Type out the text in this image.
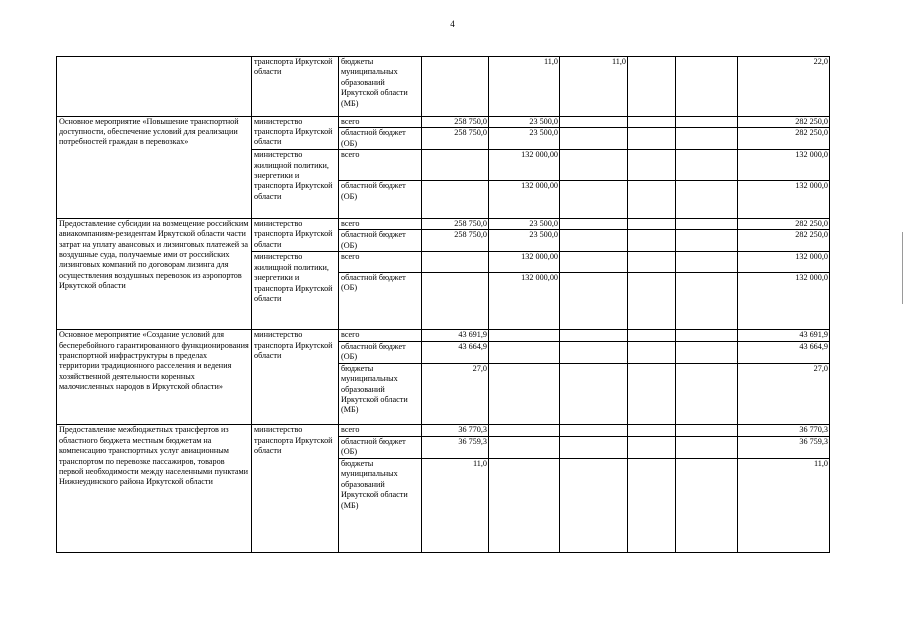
4
	транспорта Иркутской области	бюджеты муниципальных образований Иркутской области (МБ)		11,0	11,0			22,0
Основное мероприятие «Повышение транспортной доступности, обеспечение условий для реализации потребностей граждан в перевозках»	министерство транспорта Иркутской области	всего	258 750,0	23 500,0				282 250,0
		областной бюджет (ОБ)	258 750,0	23 500,0				282 250,0
	министерство жилищной политики, энергетики и транспорта Иркутской области	всего		132 000,00				132 000,0
		областной бюджет (ОБ)		132 000,00				132 000,0
Предоставление субсидии на возмещение российским авиакомпаниям-резидентам Иркутской области части затрат на уплату авансовых и лизинговых платежей за воздушные суда, получаемые ими от российских лизинговых компаний по договорам лизинга для осуществления воздушных перевозок из аэропортов Иркутской области	министерство транспорта Иркутской области	всего	258 750,0	23 500,0				282 250,0
		областной бюджет (ОБ)	258 750,0	23 500,0				282 250,0
	министерство жилищной политики, энергетики и транспорта Иркутской области	всего		132 000,00				132 000,0
		областной бюджет (ОБ)		132 000,00				132 000,0
Основное мероприятие «Создание условий для бесперебойного гарантированного функционирования транспортной инфраструктуры в пределах территории традиционного расселения и ведения хозяйственной деятельности коренных малочисленных народов в Иркутской области»	министерство транспорта Иркутской области	всего	43 691,9					43 691,9
		областной бюджет (ОБ)	43 664,9					43 664,9
		бюджеты муниципальных образований Иркутской области (МБ)	27,0					27,0
Предоставление межбюджетных трансфертов из областного бюджета местным бюджетам на компенсацию транспортных услуг авиационным транспортом по перевозке пассажиров, товаров первой необходимости между населенными пунктами Нижнеудинского района Иркутской области	министерство транспорта Иркутской области	всего	36 770,3					36 770,3
		областной бюджет (ОБ)	36 759,3					36 759,3
		бюджеты муниципальных образований Иркутской области (МБ)	11,0					11,0
